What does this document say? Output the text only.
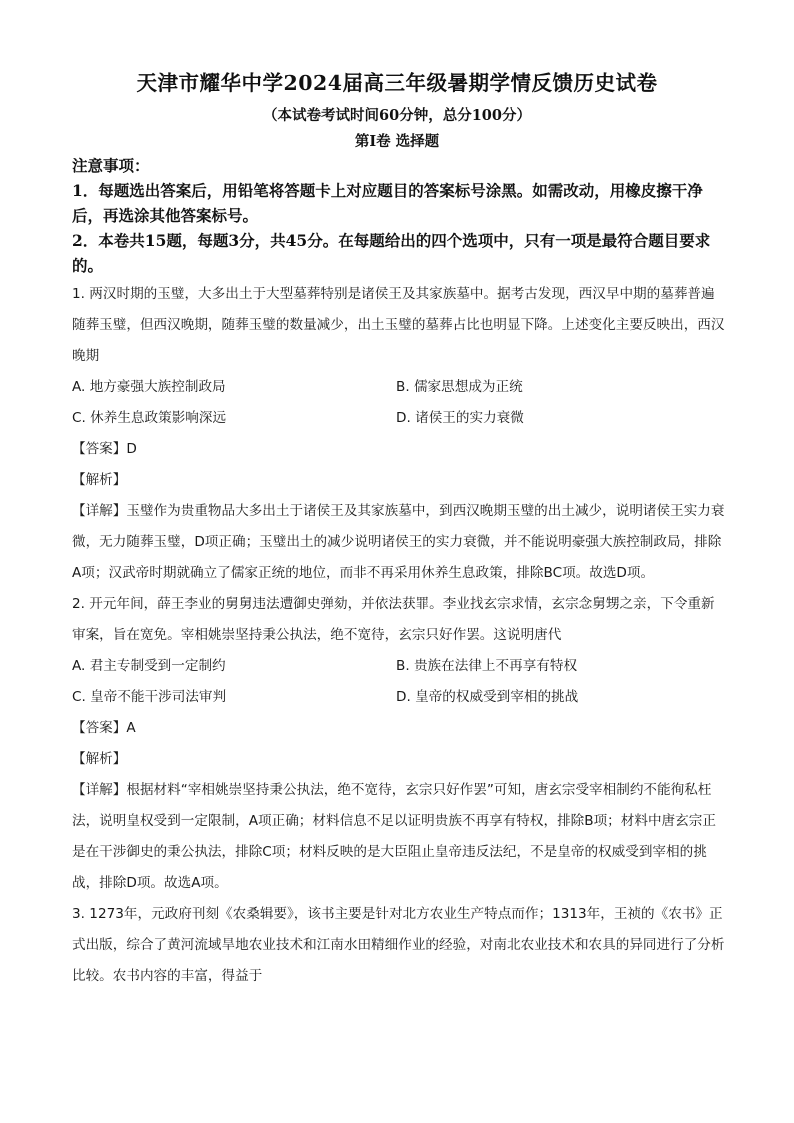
天津市耀华中学2024届高三年级暑期学情反馈历史试卷
（本试卷考试时间60分钟，总分100分）
第Ⅰ卷 选择题

注意事项：

1．每题选出答案后，用铅笔将答题卡上对应题目的答案标号涂黑。如需改动，用橡皮擦干净后，再选涂其他答案标号。

2．本卷共15题，每题3分，共45分。在每题给出的四个选项中，只有一项是最符合题目要求的。

1. 两汉时期的玉璧，大多出土于大型墓葬特别是诸侯王及其家族墓中。据考古发现，西汉早中期的墓葬普遍随葬玉璧，但西汉晚期，随葬玉璧的数量减少，出土玉璧的墓葬占比也明显下降。上述变化主要反映出，西汉晚期

A. 地方豪强大族控制政局	B. 儒家思想成为正统
C. 休养生息政策影响深远	D. 诸侯王的实力衰微

【答案】D

【解析】

【详解】玉璧作为贵重物品大多出土于诸侯王及其家族墓中，到西汉晚期玉璧的出土减少，说明诸侯王实力衰微，无力随葬玉璧，D项正确；玉璧出土的减少说明诸侯王的实力衰微，并不能说明豪强大族控制政局，排除A项；汉武帝时期就确立了儒家正统的地位，而非不再采用休养生息政策，排除BC项。故选D项。

2. 开元年间，薛王李业的舅舅违法遭御史弹劾，并依法获罪。李业找玄宗求情，玄宗念舅甥之亲，下令重新审案，旨在宽免。宰相姚崇坚持秉公执法，绝不宽待，玄宗只好作罢。这说明唐代

A. 君主专制受到一定制约	B. 贵族在法律上不再享有特权
C. 皇帝不能干涉司法审判	D. 皇帝的权威受到宰相的挑战

【答案】A

【解析】

【详解】根据材料“宰相姚崇坚持秉公执法，绝不宽待，玄宗只好作罢”可知，唐玄宗受宰相制约不能徇私枉法，说明皇权受到一定限制，A项正确；材料信息不足以证明贵族不再享有特权，排除B项；材料中唐玄宗正是在干涉御史的秉公执法，排除C项；材料反映的是大臣阻止皇帝违反法纪，不是皇帝的权威受到宰相的挑战，排除D项。故选A项。

3. 1273年，元政府刊刻《农桑辑要》，该书主要是针对北方农业生产特点而作；1313年，王祯的《农书》正式出版，综合了黄河流域旱地农业技术和江南水田精细作业的经验，对南北农业技术和农具的异同进行了分析比较。农书内容的丰富，得益于
